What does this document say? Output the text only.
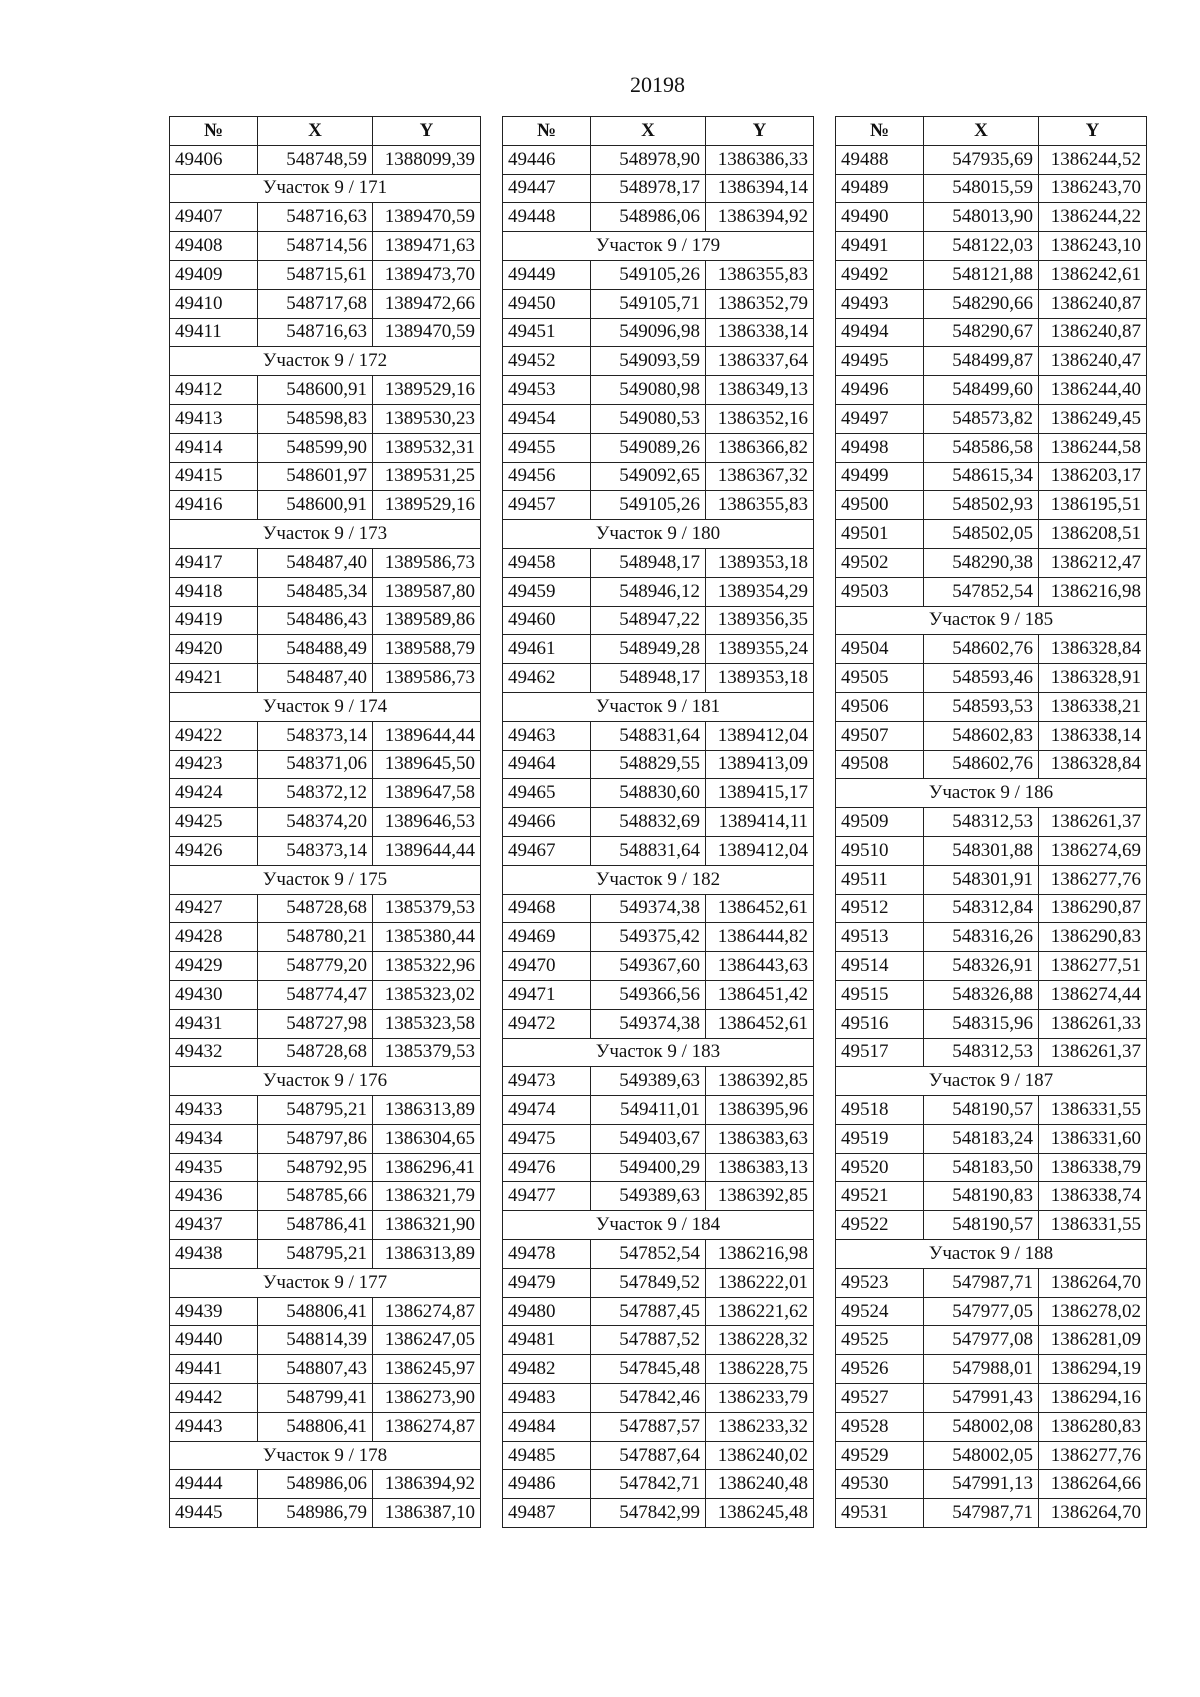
20198
№	X	Y
49406	548748,59	1388099,39
Участок 9 / 171		
49407	548716,63	1389470,59
49408	548714,56	1389471,63
49409	548715,61	1389473,70
49410	548717,68	1389472,66
49411	548716,63	1389470,59
Участок 9 / 172		
49412	548600,91	1389529,16
49413	548598,83	1389530,23
49414	548599,90	1389532,31
49415	548601,97	1389531,25
49416	548600,91	1389529,16
Участок 9 / 173		
49417	548487,40	1389586,73
49418	548485,34	1389587,80
49419	548486,43	1389589,86
49420	548488,49	1389588,79
49421	548487,40	1389586,73
Участок 9 / 174		
49422	548373,14	1389644,44
49423	548371,06	1389645,50
49424	548372,12	1389647,58
49425	548374,20	1389646,53
49426	548373,14	1389644,44
Участок 9 / 175		
49427	548728,68	1385379,53
49428	548780,21	1385380,44
49429	548779,20	1385322,96
49430	548774,47	1385323,02
49431	548727,98	1385323,58
49432	548728,68	1385379,53
Участок 9 / 176		
49433	548795,21	1386313,89
49434	548797,86	1386304,65
49435	548792,95	1386296,41
49436	548785,66	1386321,79
49437	548786,41	1386321,90
49438	548795,21	1386313,89
Участок 9 / 177		
49439	548806,41	1386274,87
49440	548814,39	1386247,05
49441	548807,43	1386245,97
49442	548799,41	1386273,90
49443	548806,41	1386274,87
Участок 9 / 178		
49444	548986,06	1386394,92
49445	548986,79	1386387,10
№	X	Y
49446	548978,90	1386386,33
49447	548978,17	1386394,14
49448	548986,06	1386394,92
Участок 9 / 179		
49449	549105,26	1386355,83
49450	549105,71	1386352,79
49451	549096,98	1386338,14
49452	549093,59	1386337,64
49453	549080,98	1386349,13
49454	549080,53	1386352,16
49455	549089,26	1386366,82
49456	549092,65	1386367,32
49457	549105,26	1386355,83
Участок 9 / 180		
49458	548948,17	1389353,18
49459	548946,12	1389354,29
49460	548947,22	1389356,35
49461	548949,28	1389355,24
49462	548948,17	1389353,18
Участок 9 / 181		
49463	548831,64	1389412,04
49464	548829,55	1389413,09
49465	548830,60	1389415,17
49466	548832,69	1389414,11
49467	548831,64	1389412,04
Участок 9 / 182		
49468	549374,38	1386452,61
49469	549375,42	1386444,82
49470	549367,60	1386443,63
49471	549366,56	1386451,42
49472	549374,38	1386452,61
Участок 9 / 183		
49473	549389,63	1386392,85
49474	549411,01	1386395,96
49475	549403,67	1386383,63
49476	549400,29	1386383,13
49477	549389,63	1386392,85
Участок 9 / 184		
49478	547852,54	1386216,98
49479	547849,52	1386222,01
49480	547887,45	1386221,62
49481	547887,52	1386228,32
49482	547845,48	1386228,75
49483	547842,46	1386233,79
49484	547887,57	1386233,32
49485	547887,64	1386240,02
49486	547842,71	1386240,48
49487	547842,99	1386245,48
№	X	Y
49488	547935,69	1386244,52
49489	548015,59	1386243,70
49490	548013,90	1386244,22
49491	548122,03	1386243,10
49492	548121,88	1386242,61
49493	548290,66	1386240,87
49494	548290,67	1386240,87
49495	548499,87	1386240,47
49496	548499,60	1386244,40
49497	548573,82	1386249,45
49498	548586,58	1386244,58
49499	548615,34	1386203,17
49500	548502,93	1386195,51
49501	548502,05	1386208,51
49502	548290,38	1386212,47
49503	547852,54	1386216,98
Участок 9 / 185		
49504	548602,76	1386328,84
49505	548593,46	1386328,91
49506	548593,53	1386338,21
49507	548602,83	1386338,14
49508	548602,76	1386328,84
Участок 9 / 186		
49509	548312,53	1386261,37
49510	548301,88	1386274,69
49511	548301,91	1386277,76
49512	548312,84	1386290,87
49513	548316,26	1386290,83
49514	548326,91	1386277,51
49515	548326,88	1386274,44
49516	548315,96	1386261,33
49517	548312,53	1386261,37
Участок 9 / 187		
49518	548190,57	1386331,55
49519	548183,24	1386331,60
49520	548183,50	1386338,79
49521	548190,83	1386338,74
49522	548190,57	1386331,55
Участок 9 / 188		
49523	547987,71	1386264,70
49524	547977,05	1386278,02
49525	547977,08	1386281,09
49526	547988,01	1386294,19
49527	547991,43	1386294,16
49528	548002,08	1386280,83
49529	548002,05	1386277,76
49530	547991,13	1386264,66
49531	547987,71	1386264,70
